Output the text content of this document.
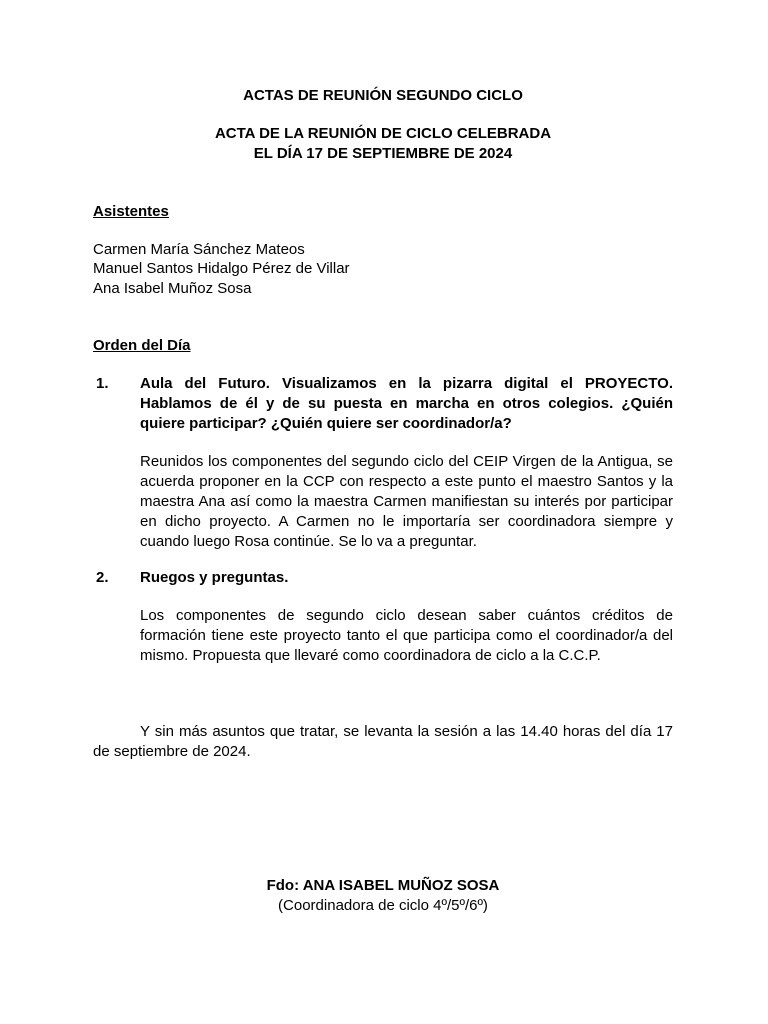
ACTAS DE REUNIÓN SEGUNDO CICLO
ACTA DE LA REUNIÓN DE CICLO CELEBRADA
EL DÍA 17 DE SEPTIEMBRE DE 2024
Asistentes
Carmen María Sánchez Mateos
Manuel Santos Hidalgo Pérez de Villar
Ana Isabel Muñoz Sosa
Orden del Día
1. Aula del Futuro. Visualizamos en la pizarra digital el PROYECTO. Hablamos de él y de su puesta en marcha en otros colegios. ¿Quién quiere participar? ¿Quién quiere ser coordinador/a?
Reunidos los componentes del segundo ciclo del CEIP Virgen de la Antigua, se acuerda proponer en la CCP con respecto a este punto el maestro Santos y la maestra Ana así como la maestra Carmen manifiestan su interés por participar en dicho proyecto. A Carmen no le importaría ser coordinadora siempre y cuando luego Rosa continúe. Se lo va a preguntar.
2. Ruegos y preguntas.
Los componentes de segundo ciclo desean saber cuántos créditos de formación tiene este proyecto tanto el que participa como el coordinador/a del mismo. Propuesta que llevaré como coordinadora de ciclo a la C.C.P.
Y sin más asuntos que tratar, se levanta la sesión a las 14.40 horas del día 17 de septiembre de 2024.
Fdo: ANA ISABEL MUÑOZ SOSA
(Coordinadora de ciclo 4º/5º/6º)
